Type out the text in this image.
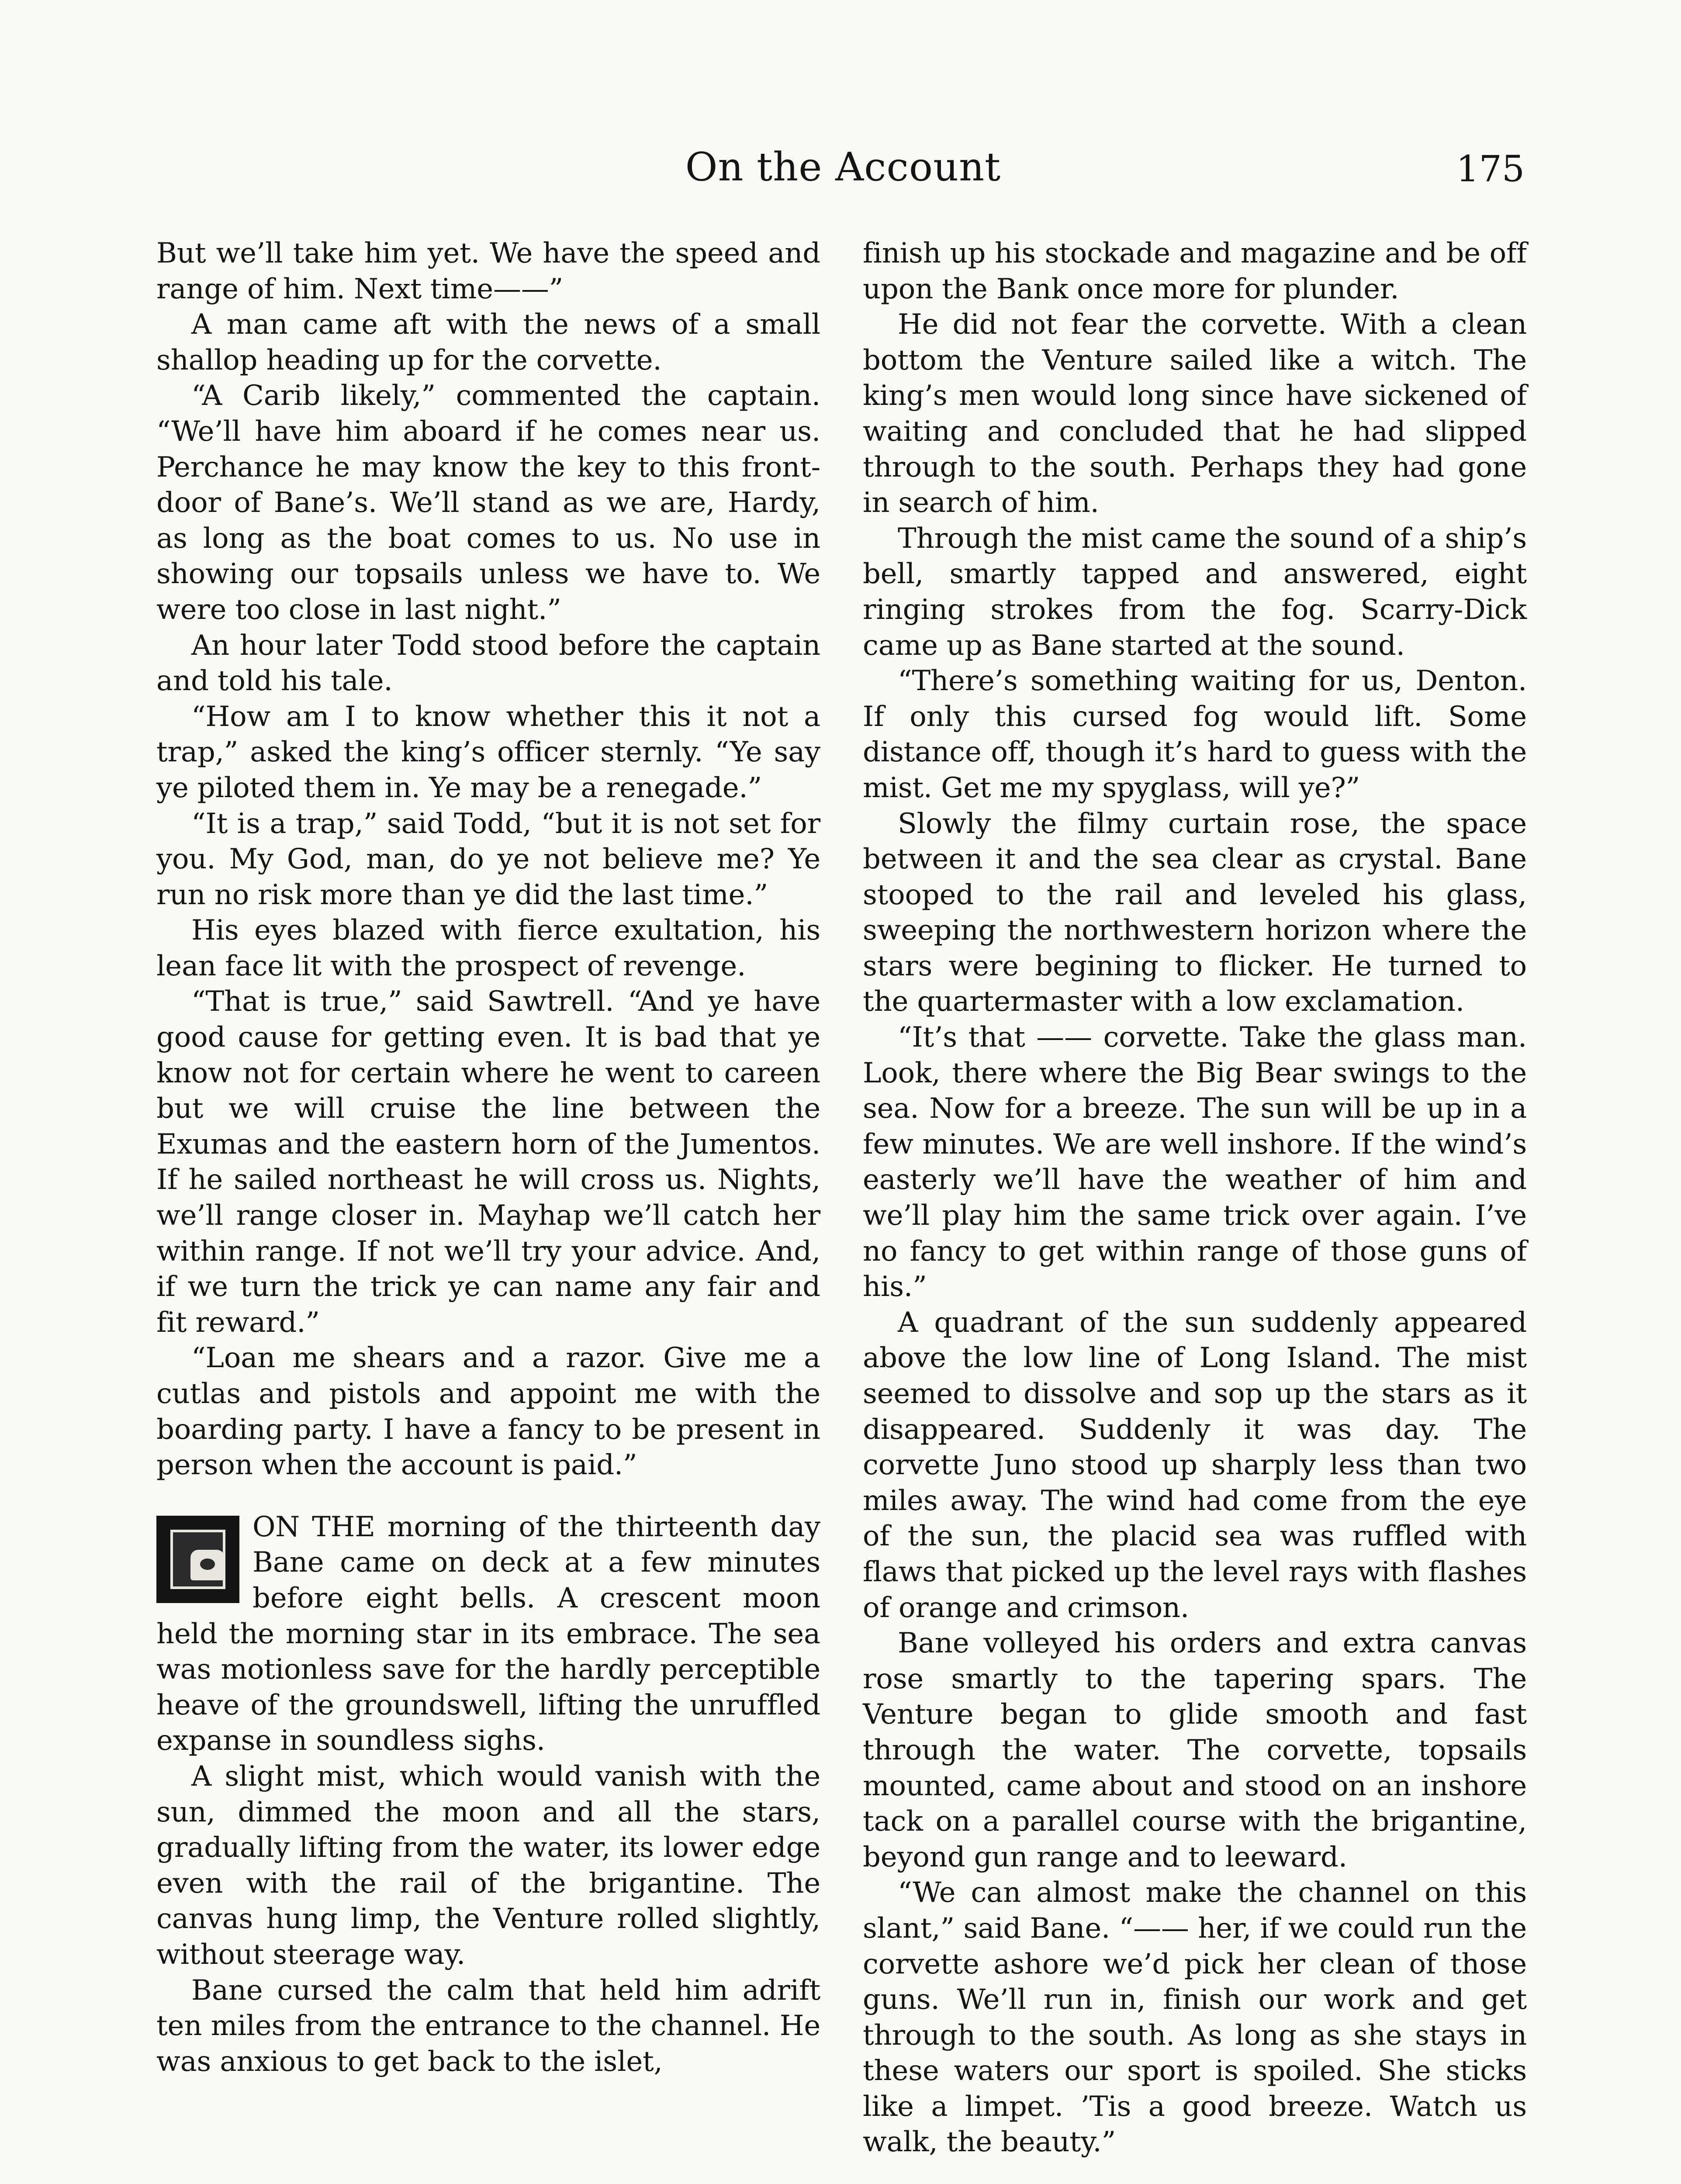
On the Account	175

But we’ll take him yet. We have the speed and range of him. Next time——”

A man came aft with the news of a small shallop heading up for the corvette.

“A Carib likely,” commented the captain. “We’ll have him aboard if he comes near us. Perchance he may know the key to this front-door of Bane’s. We’ll stand as we are, Hardy, as long as the boat comes to us. No use in showing our topsails unless we have to. We were too close in last night.”

An hour later Todd stood before the captain and told his tale.

“How am I to know whether this it not a trap,” asked the king’s officer sternly. “Ye say ye piloted them in. Ye may be a renegade.”

“It is a trap,” said Todd, “but it is not set for you. My God, man, do ye not believe me? Ye run no risk more than ye did the last time.”

His eyes blazed with fierce exultation, his lean face lit with the prospect of revenge.

“That is true,” said Sawtrell. “And ye have good cause for getting even. It is bad that ye know not for certain where he went to careen but we will cruise the line between the Exumas and the eastern horn of the Jumentos. If he sailed northeast he will cross us. Nights, we’ll range closer in. Mayhap we’ll catch her within range. If not we’ll try your advice. And, if we turn the trick ye can name any fair and fit reward.”

“Loan me shears and a razor. Give me a cutlas and pistols and appoint me with the boarding party. I have a fancy to be present in person when the account is paid.”

ON THE morning of the thirteenth day Bane came on deck at a few minutes before eight bells. A crescent moon held the morning star in its embrace. The sea was motionless save for the hardly perceptible heave of the groundswell, lifting the unruffled expanse in soundless sighs.

A slight mist, which would vanish with the sun, dimmed the moon and all the stars, gradually lifting from the water, its lower edge even with the rail of the brigantine. The canvas hung limp, the Venture rolled slightly, without steerage way.

Bane cursed the calm that held him adrift ten miles from the entrance to the channel. He was anxious to get back to the islet,

finish up his stockade and magazine and be off upon the Bank once more for plunder.

He did not fear the corvette. With a clean bottom the Venture sailed like a witch. The king’s men would long since have sickened of waiting and concluded that he had slipped through to the south. Perhaps they had gone in search of him.

Through the mist came the sound of a ship’s bell, smartly tapped and answered, eight ringing strokes from the fog. Scarry-Dick came up as Bane started at the sound.

“There’s something waiting for us, Denton. If only this cursed fog would lift. Some distance off, though it’s hard to guess with the mist. Get me my spyglass, will ye?”

Slowly the filmy curtain rose, the space between it and the sea clear as crystal. Bane stooped to the rail and leveled his glass, sweeping the northwestern horizon where the stars were begining to flicker. He turned to the quartermaster with a low exclamation.

“It’s that —— corvette. Take the glass man. Look, there where the Big Bear swings to the sea. Now for a breeze. The sun will be up in a few minutes. We are well inshore. If the wind’s easterly we’ll have the weather of him and we’ll play him the same trick over again. I’ve no fancy to get within range of those guns of his.”

A quadrant of the sun suddenly appeared above the low line of Long Island. The mist seemed to dissolve and sop up the stars as it disappeared. Suddenly it was day. The corvette Juno stood up sharply less than two miles away. The wind had come from the eye of the sun, the placid sea was ruffled with flaws that picked up the level rays with flashes of orange and crimson.

Bane volleyed his orders and extra canvas rose smartly to the tapering spars. The Venture began to glide smooth and fast through the water. The corvette, topsails mounted, came about and stood on an inshore tack on a parallel course with the brigantine, beyond gun range and to leeward.

“We can almost make the channel on this slant,” said Bane. “—— her, if we could run the corvette ashore we’d pick her clean of those guns. We’ll run in, finish our work and get through to the south. As long as she stays in these waters our sport is spoiled. She sticks like a limpet. ’Tis a good breeze. Watch us walk, the beauty.”
